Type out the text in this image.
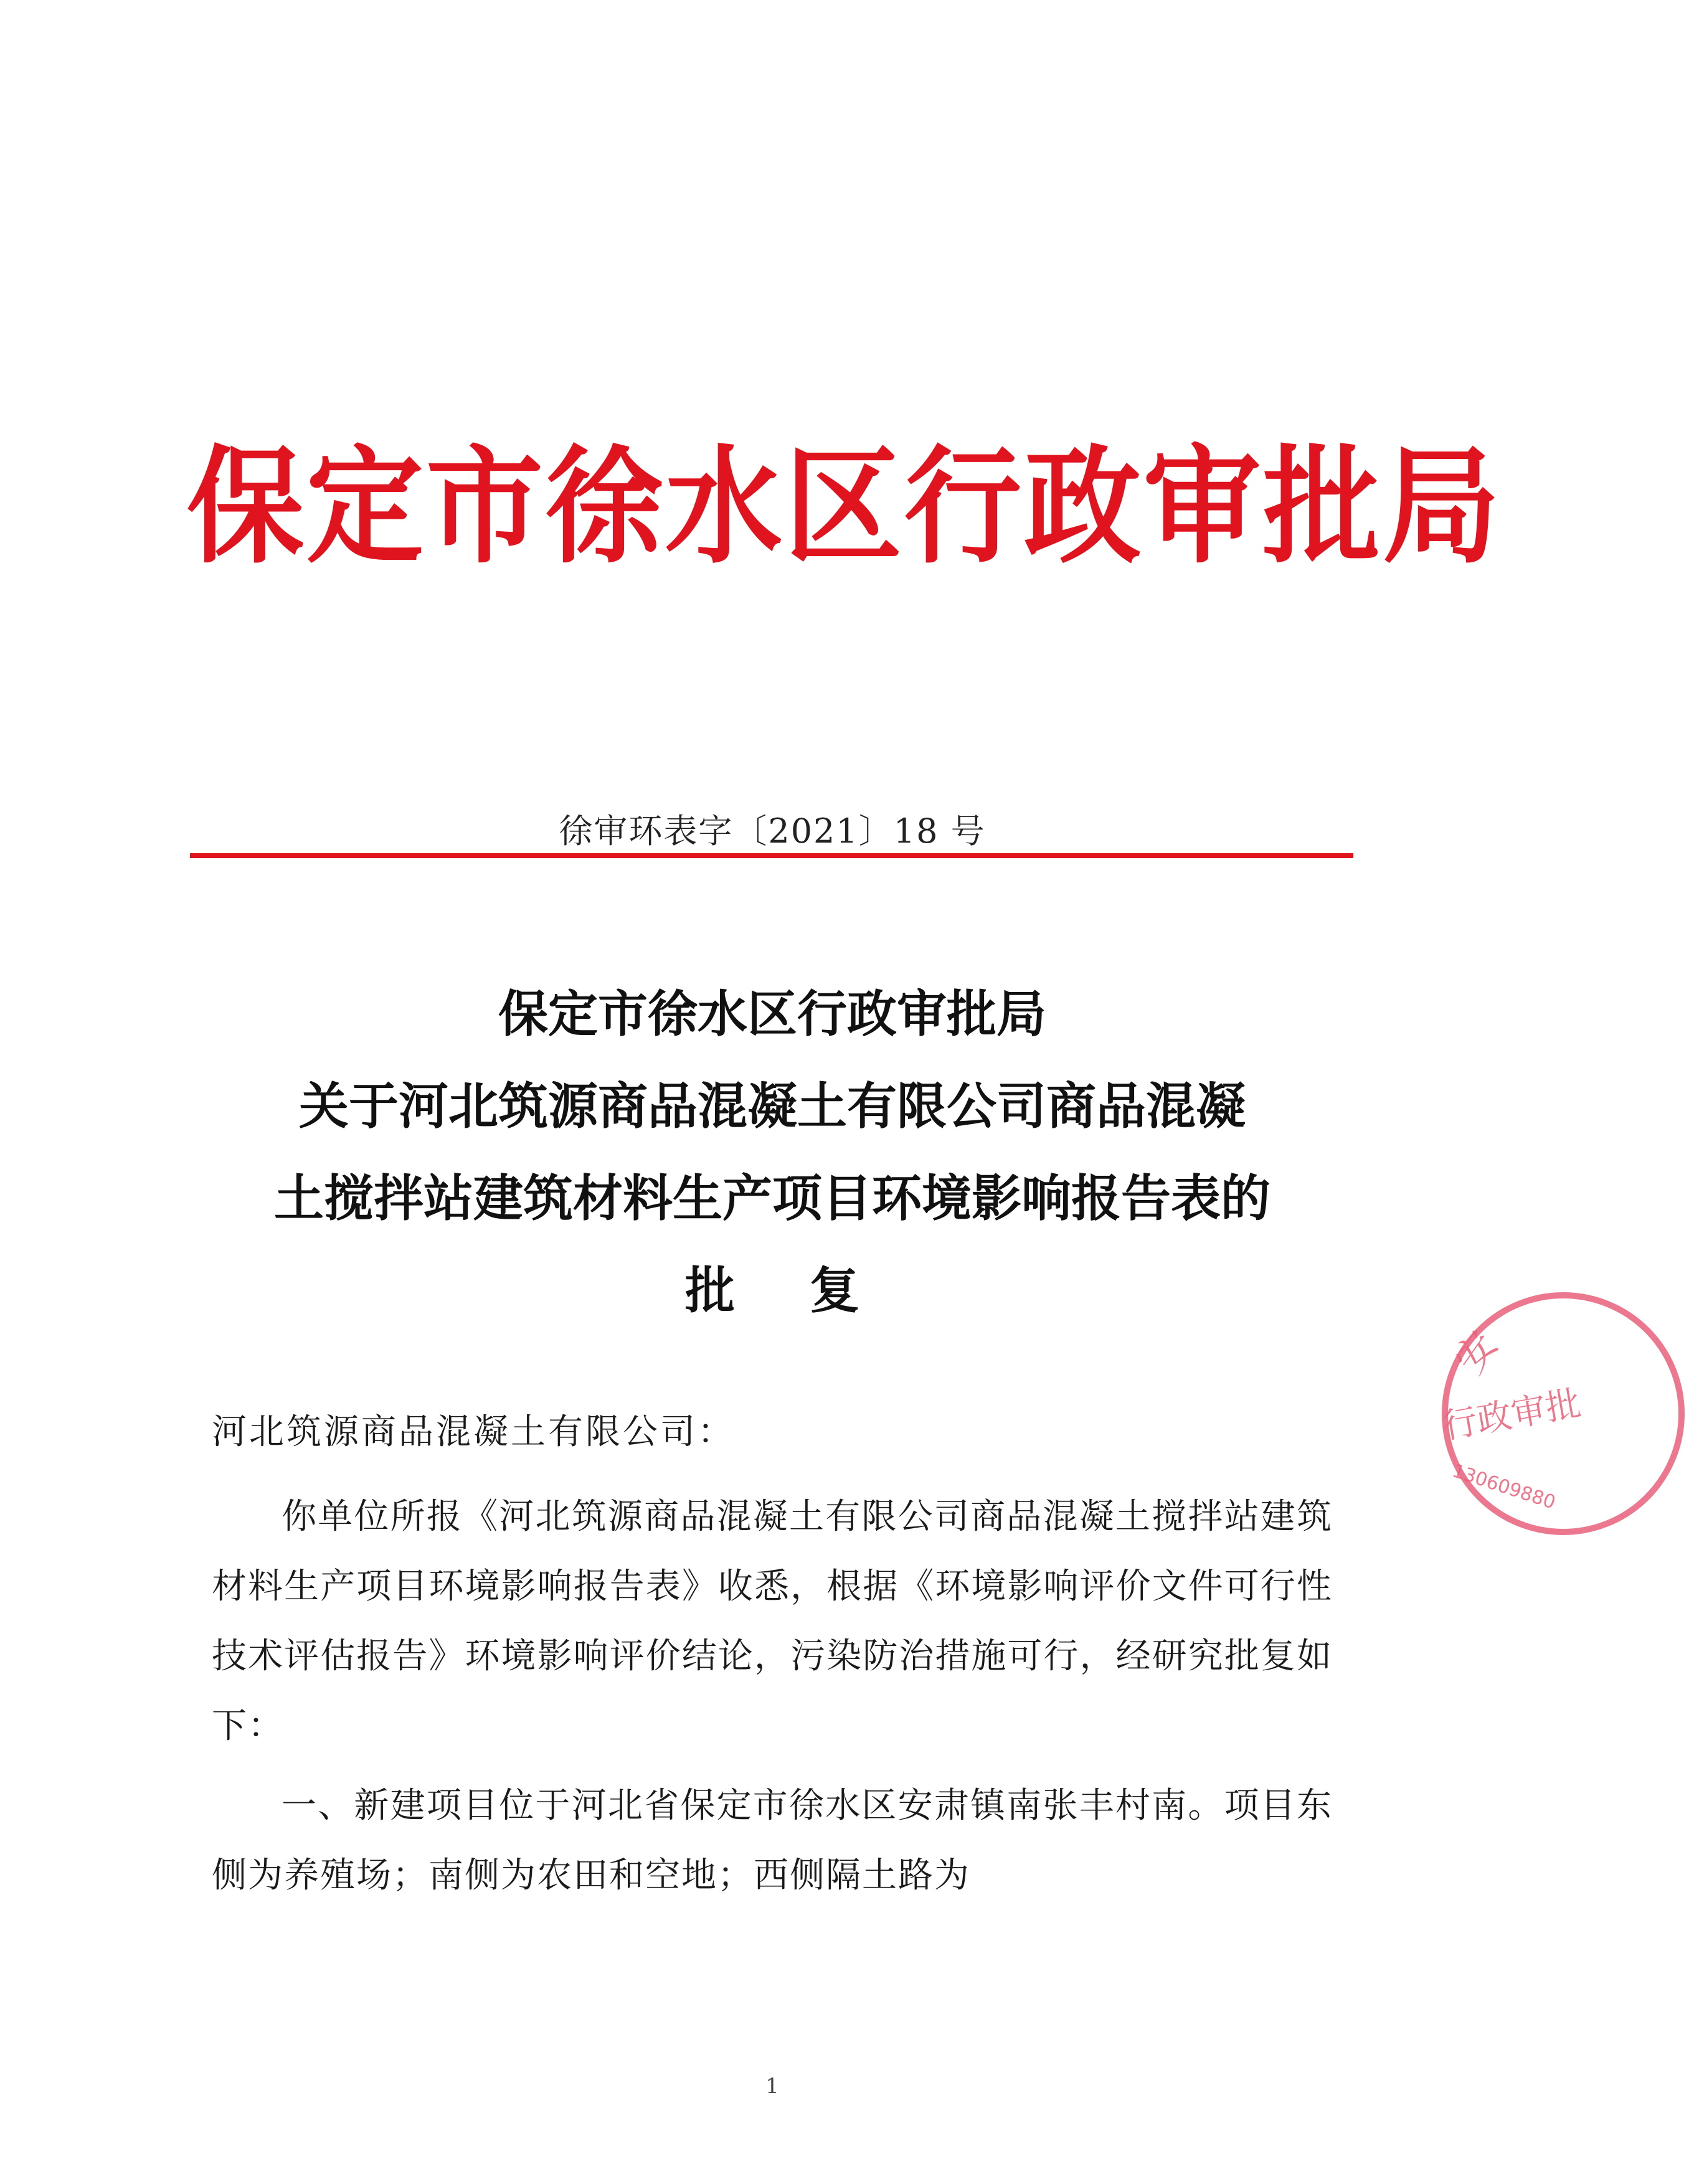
保定市徐水区行政审批局
徐审环表字〔2021〕18 号
保定市徐水区行政审批局
关于河北筑源商品混凝土有限公司商品混凝
土搅拌站建筑材料生产项目环境影响报告表的
批复
河北筑源商品混凝土有限公司：

你单位所报《河北筑源商品混凝土有限公司商品混凝土搅拌站建筑材料生产项目环境影响报告表》收悉，根据《环境影响评价文件可行性技术评估报告》环境影响评价结论，污染防治措施可行，经研究批复如下：

一、新建项目位于河北省保定市徐水区安肃镇南张丰村南。项目东侧为养殖场；南侧为农田和空地；西侧隔土路为

安
行政审批
130609880
1
